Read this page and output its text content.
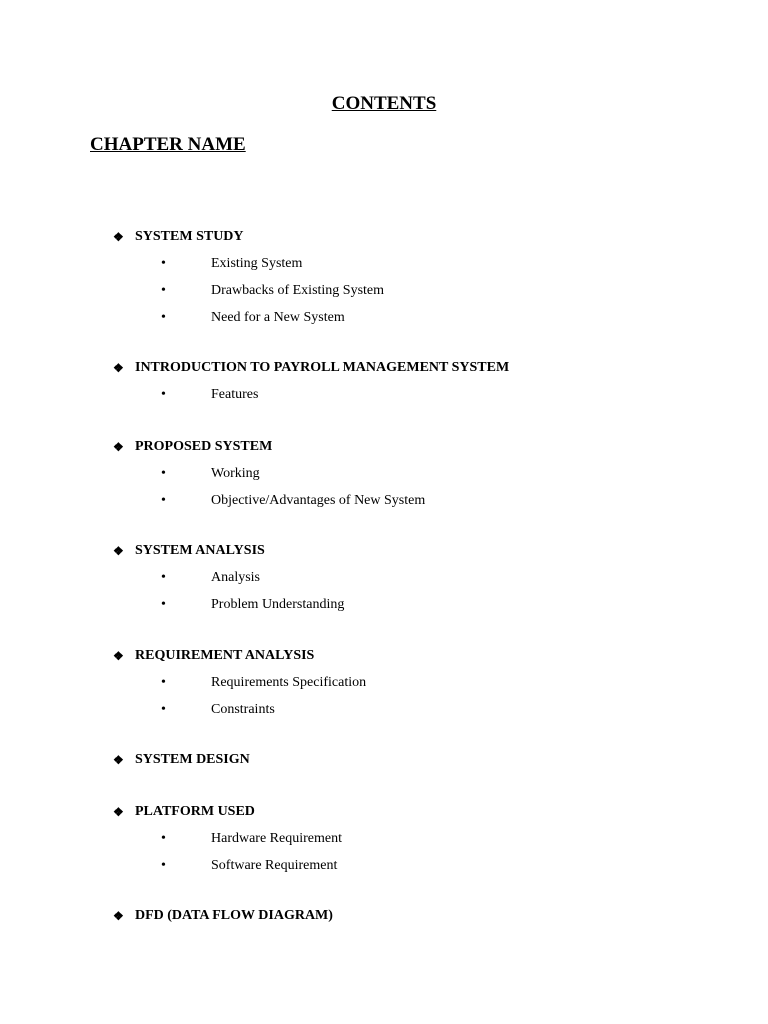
CONTENTS
CHAPTER NAME
❖ SYSTEM STUDY
•	Existing System
•	Drawbacks of Existing System
•	Need for a New System
❖ INTRODUCTION TO PAYROLL MANAGEMENT SYSTEM
•	Features
❖ PROPOSED SYSTEM
•	Working
•	Objective/Advantages of New System
❖ SYSTEM ANALYSIS
•	Analysis
•	Problem Understanding
❖ REQUIREMENT ANALYSIS
•	Requirements Specification
•	Constraints
❖ SYSTEM DESIGN
❖ PLATFORM USED
•	Hardware Requirement
•	Software Requirement
❖ DFD (DATA FLOW DIAGRAM)
